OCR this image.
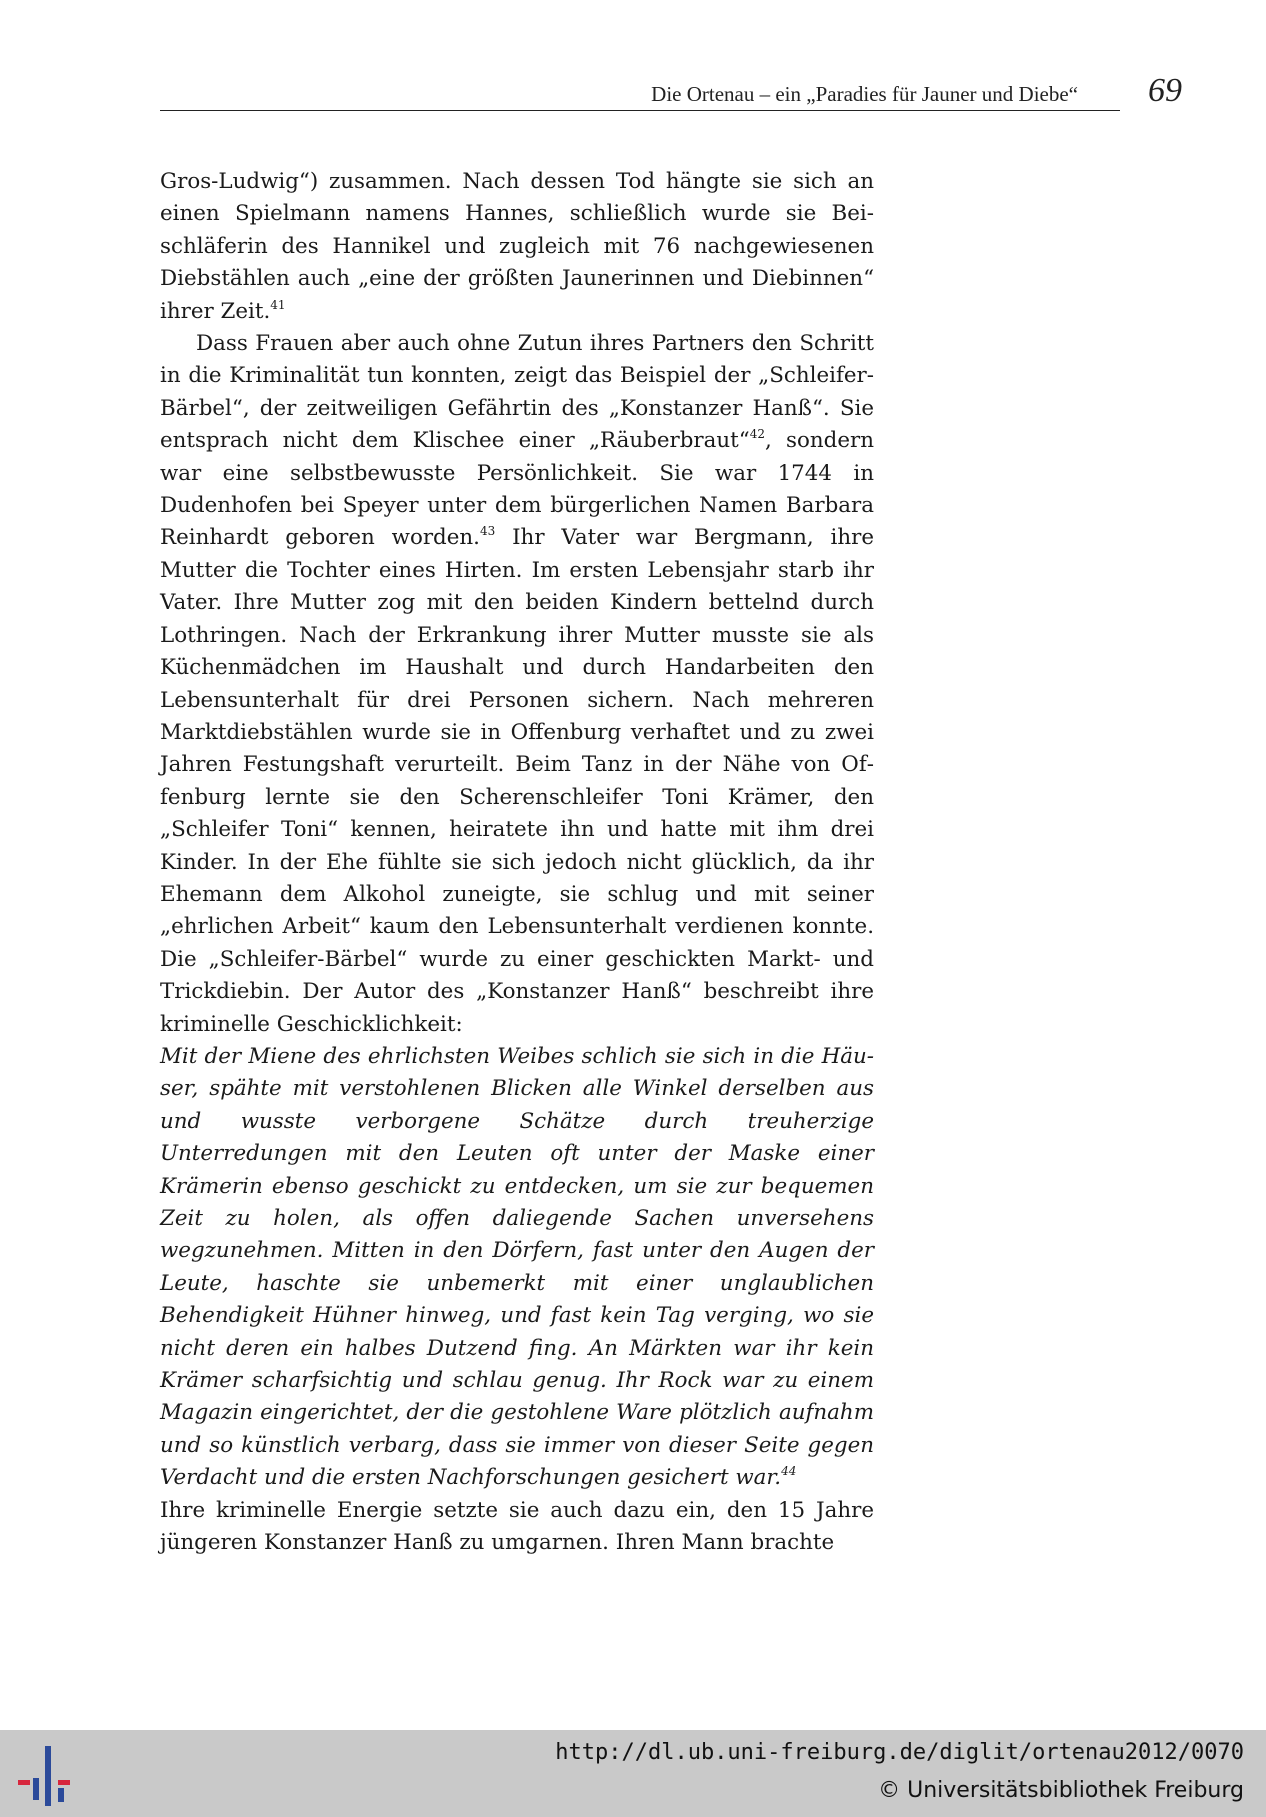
Die Ortenau – ein „Paradies für Jauner und Diebe“ 69

Gros-Ludwig“) zusammen. Nach dessen Tod hängte sie sich an einen Spielmann namens Hannes, schließlich wurde sie Beischläferin des Hannikel und zugleich mit 76 nachgewiesenen Diebstählen auch „eine der größten Jaunerinnen und Diebinnen“ ihrer Zeit.$^{41}$

Dass Frauen aber auch ohne Zutun ihres Partners den Schritt in die Kriminalität tun konnten, zeigt das Beispiel der „Schleifer-Bärbel“, der zeitweiligen Gefährtin des „Konstanzer Hanß“. Sie entsprach nicht dem Klischee einer „Räuberbraut“$^{42}$, sondern war eine selbstbewusste Persönlichkeit. Sie war 1744 in Dudenhofen bei Speyer unter dem bürgerlichen Namen Barbara Reinhardt geboren worden.$^{43}$ Ihr Vater war Bergmann, ihre Mutter die Tochter eines Hirten. Im ersten Lebensjahr starb ihr Vater. Ihre Mutter zog mit den beiden Kindern bettelnd durch Lothringen. Nach der Erkrankung ihrer Mutter musste sie als Küchenmädchen im Haushalt und durch Handarbeiten den Lebensunterhalt für drei Personen sichern. Nach mehreren Marktdiebstählen wurde sie in Offenburg verhaftet und zu zwei Jahren Festungshaft verurteilt. Beim Tanz in der Nähe von Offenburg lernte sie den Scherenschleifer Toni Krämer, den „Schleifer Toni“ kennen, heiratete ihn und hatte mit ihm drei Kinder. In der Ehe fühlte sie sich jedoch nicht glücklich, da ihr Ehemann dem Alkohol zuneigte, sie schlug und mit seiner „ehrlichen Arbeit“ kaum den Lebensunterhalt verdienen konnte. Die „Schleifer-Bärbel“ wurde zu einer geschickten Markt- und Trickdiebin. Der Autor des „Konstanzer Hanß“ beschreibt ihre kriminelle Geschicklichkeit:

Mit der Miene des ehrlichsten Weibes schlich sie sich in die Häuser, spähte mit verstohlenen Blicken alle Winkel derselben aus und wusste verborgene Schätze durch treuherzige Unterredungen mit den Leuten oft unter der Maske einer Krämerin ebenso geschickt zu entdecken, um sie zur bequemen Zeit zu holen, als offen daliegende Sachen unversehens wegzunehmen. Mitten in den Dörfern, fast unter den Augen der Leute, haschte sie unbemerkt mit einer unglaublichen Behendigkeit Hühner hinweg, und fast kein Tag verging, wo sie nicht deren ein halbes Dutzend fing. An Märkten war ihr kein Krämer scharfsichtig und schlau genug. Ihr Rock war zu einem Magazin eingerichtet, der die gestohlene Ware plötzlich aufnahm und so künstlich verbarg, dass sie immer von dieser Seite gegen Verdacht und die ersten Nachforschungen gesichert war.$^{44}$

Ihre kriminelle Energie setzte sie auch dazu ein, den 15 Jahre jüngeren Konstanzer Hanß zu umgarnen. Ihren Mann brachte

http://dl.ub.uni-freiburg.de/diglit/ortenau2012/0070
© Universitätsbibliothek Freiburg
